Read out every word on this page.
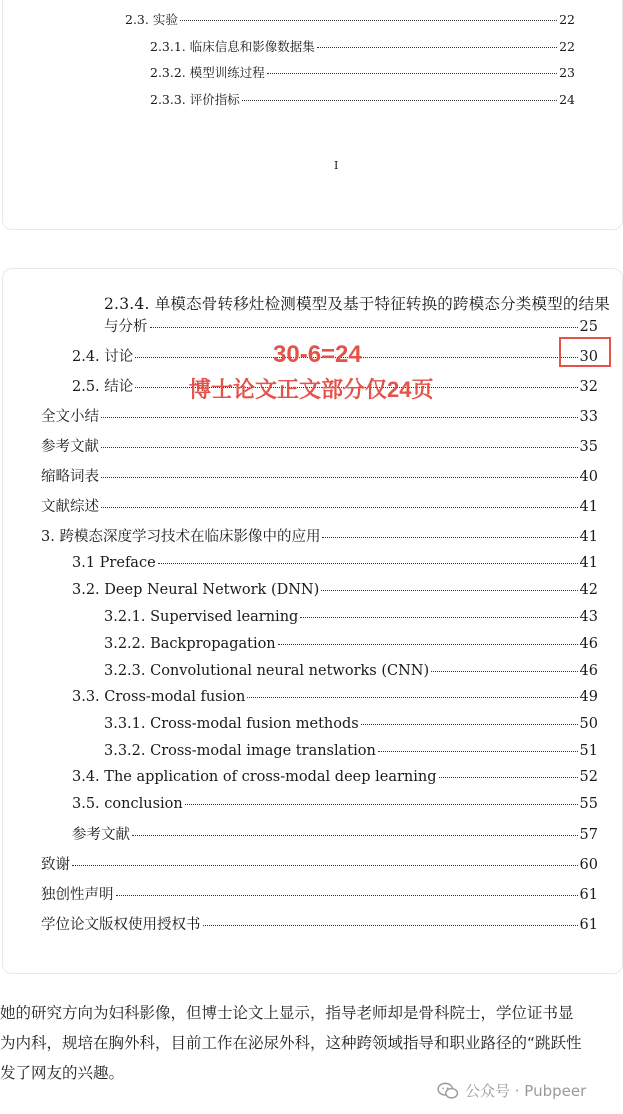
2.3. 实验	22
2.3.1. 临床信息和影像数据集	22
2.3.2. 模型训练过程	23
2.3.3. 评价指标	24
I
2.3.4. 单模态骨转移灶检测模型及基于特征转换的跨模态分类模型的结果
与分析	25
2.4. 讨论	30
2.5. 结论	32
全文小结	33
参考文献	35
缩略词表	40
文献综述	41
3. 跨模态深度学习技术在临床影像中的应用	41
3.1 Preface	41
3.2. Deep Neural Network (DNN)	42
3.2.1. Supervised learning	43
3.2.2. Backpropagation	46
3.2.3. Convolutional neural networks (CNN)	46
3.3. Cross-modal fusion	49
3.3.1. Cross-modal fusion methods	50
3.3.2. Cross-modal image translation	51
3.4. The application of cross-modal deep learning	52
3.5. conclusion	55
参考文献	57
致谢	60
独创性声明	61
学位论文版权使用授权书	61
30-6=24
博士论文正文部分仅24页
她的研究方向为妇科影像，但博士论文上显示，指导老师却是骨科院士，学位证书显
为内科，规培在胸外科，目前工作在泌尿外科，这种跨领域指导和职业路径的“跳跃性
发了网友的兴趣。
公众号 · Pubpeer
